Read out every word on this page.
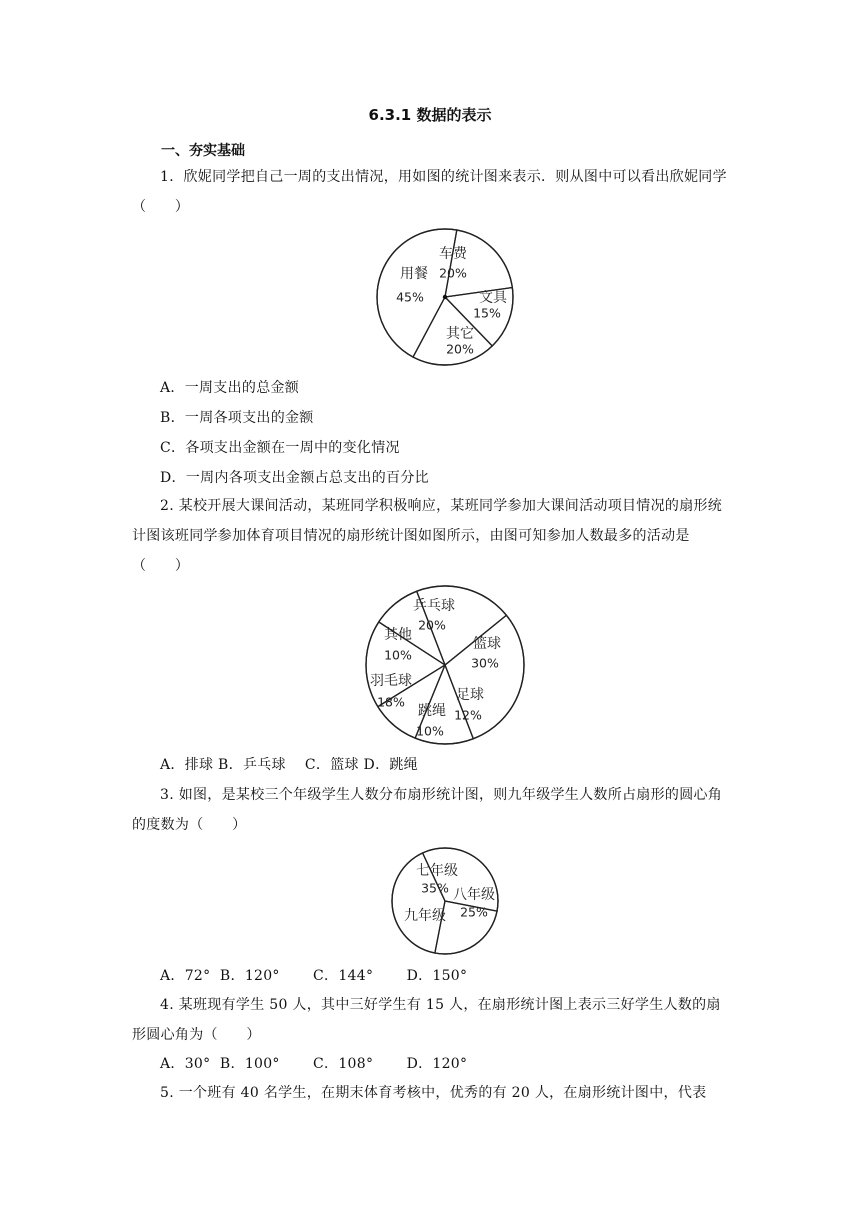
6.3.1 数据的表示
一、夯实基础
1．欣妮同学把自己一周的支出情况，用如图的统计图来表示．则从图中可以看出欣妮同学（　　）
车费
20%
文具
15%
其它
20%
用餐
45%
A．一周支出的总金额
B．一周各项支出的金额
C．各项支出金额在一周中的变化情况
D．一周内各项支出金额占总支出的百分比
2. 某校开展大课间活动，某班同学积极响应，某班同学参加大课间活动项目情况的扇形统计图该班同学参加体育项目情况的扇形统计图如图所示，由图可知参加人数最多的活动是（　　）
乒乓球
20%
篮球
30%
足球
12%
跳绳
10%
羽毛球
18%
其他
10%
A．排球 B．乒乓球　 C．篮球 D．跳绳
3. 如图，是某校三个年级学生人数分布扇形统计图，则九年级学生人数所占扇形的圆心角的度数为（　　）
七年级
35% 八年级
25%
九年级
A．72°  B．120°　    C．144°　    D．150°
4. 某班现有学生 50 人，其中三好学生有 15 人，在扇形统计图上表示三好学生人数的扇形圆心角为（　　）
A．30°  B．100°　    C．108°　    D．120°
5. 一个班有 40 名学生，在期末体育考核中，优秀的有 20 人，在扇形统计图中，代表
